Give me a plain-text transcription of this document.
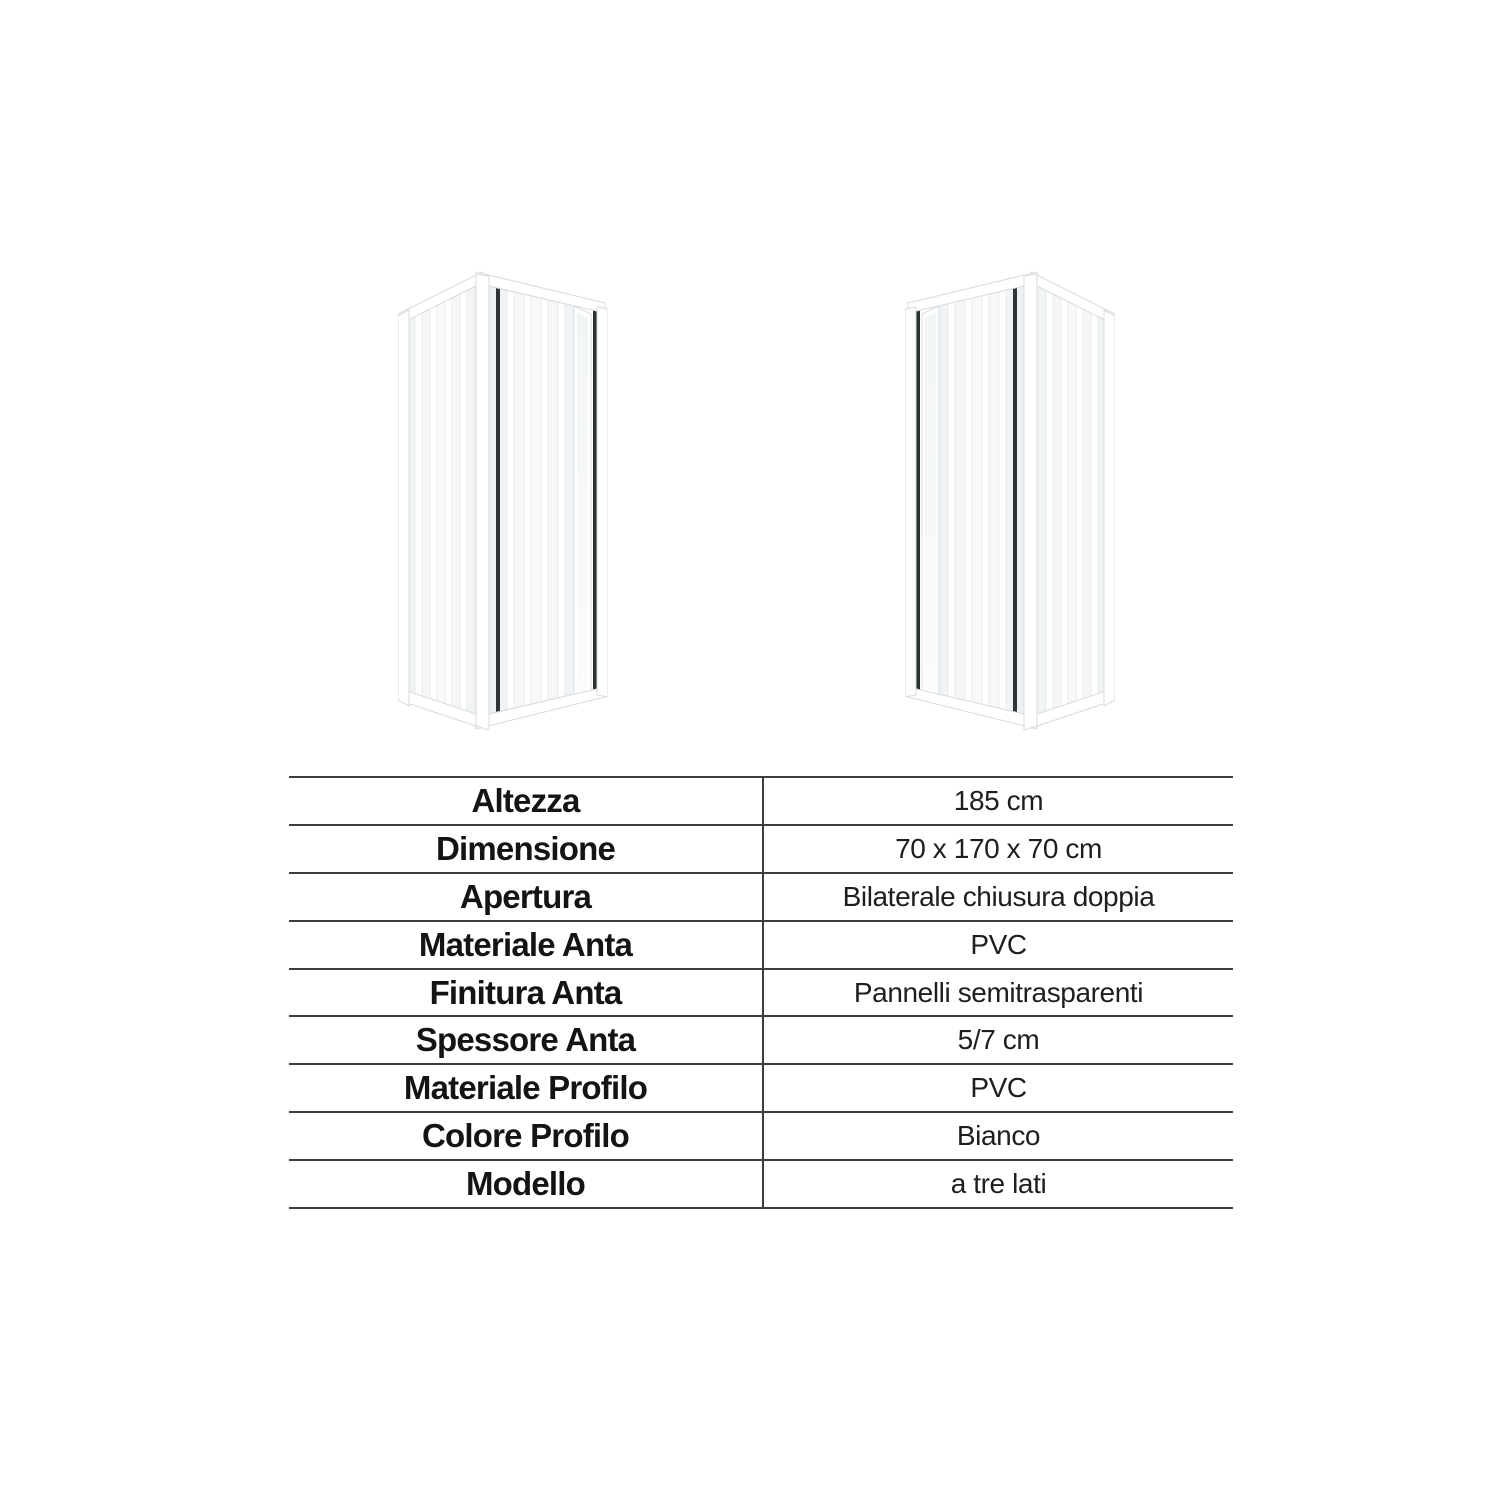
Altezza	185 cm
Dimensione	70 x 170 x 70 cm
Apertura	Bilaterale chiusura doppia
Materiale Anta	PVC
Finitura Anta	Pannelli semitrasparenti
Spessore Anta	5/7 cm
Materiale Profilo	PVC
Colore Profilo	Bianco
Modello	a tre lati
